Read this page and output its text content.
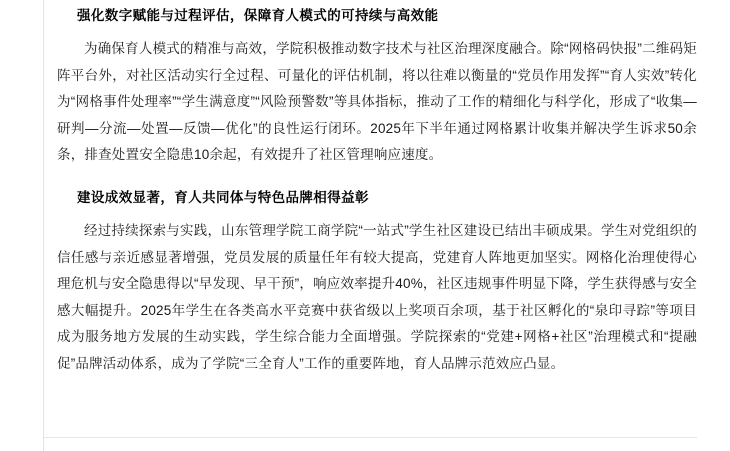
强化数字赋能与过程评估，保障育人模式的可持续与高效能
为确保育人模式的精准与高效，学院积极推动数字技术与社区治理深度融合。除“网格码快报”二维码矩阵平台外，对社区活动实行全过程、可量化的评估机制，将以往难以衡量的“党员作用发挥”“育人实效”转化为“网格事件处理率”“学生满意度”“风险预警数”等具体指标，推动了工作的精细化与科学化，形成了“收集—研判—分流—处置—反馈—优化”的良性运行闭环。2025年下半年通过网格累计收集并解决学生诉求50余条，排查处置安全隐患10余起，有效提升了社区管理响应速度。
建设成效显著，育人共同体与特色品牌相得益彰
经过持续探索与实践，山东管理学院工商学院“一站式”学生社区建设已结出丰硕成果。学生对党组织的信任感与亲近感显著增强，党员发展的质量任年有较大提高，党建育人阵地更加坚实。网格化治理使得心理危机与安全隐患得以“早发现、早干预”，响应效率提升40%，社区违规事件明显下降，学生获得感与安全感大幅提升。2025年学生在各类高水平竞赛中获省级以上奖项百余项，基于社区孵化的“泉印寻踪”等项目成为服务地方发展的生动实践，学生综合能力全面增强。学院探索的“党建+网格+社区”治理模式和“提融促”品牌活动体系，成为了学院“三全育人”工作的重要阵地，育人品牌示范效应凸显。
